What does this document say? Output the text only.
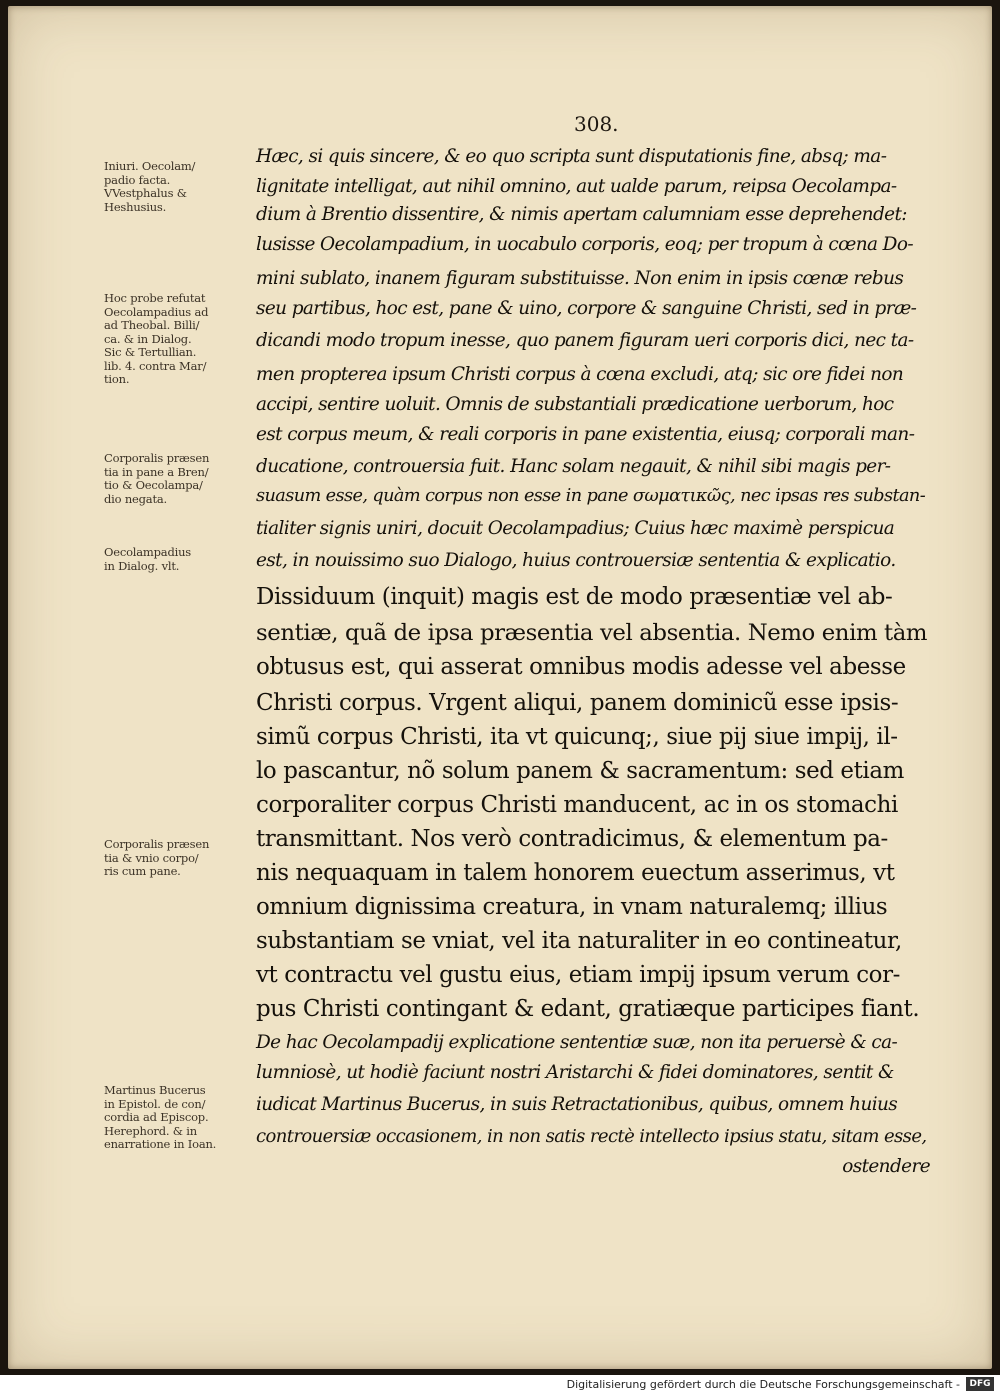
308.
Iniuri. Oecolam/
padio facta.
VVestphalus &
Heshusius.
Hoc probe refutat
Oecolampadius ad
ad Theobal. Billi/
ca. & in Dialog.
Sic & Tertullian.
lib. 4. contra Mar/
tion.
Corporalis præsen
tia in pane a Bren/
tio & Oecolampa/
dio negata.
Oecolampadius
in Dialog. vlt.
Corporalis præsen
tia & vnio corpo/
ris cum pane.
Martinus Bucerus
in Epistol. de con/
cordia ad Episcop.
Herephord. & in
enarratione in Ioan.
Hæc, si quis sincere, & eo quo scripta sunt disputationis fine, absq; ma-
lignitate intelligat, aut nihil omnino, aut ualde parum, reipsa Oecolampa-
dium à Brentio dissentire, & nimis apertam calumniam esse deprehendet:
lusisse Oecolampadium, in uocabulo corporis, eoq; per tropum à cœna Do-
mini sublato, inanem figuram substituisse. Non enim in ipsis cœnæ rebus
seu partibus, hoc est, pane & uino, corpore & sanguine Christi, sed in præ-
dicandi modo tropum inesse, quo panem figuram ueri corporis dici, nec ta-
men propterea ipsum Christi corpus à cœna excludi, atq; sic ore fidei non
accipi, sentire uoluit. Omnis de substantiali prædicatione uerborum, hoc
est corpus meum, & reali corporis in pane existentia, eiusq; corporali man-
ducatione, controuersia fuit. Hanc solam negauit, & nihil sibi magis per-
suasum esse, quàm corpus non esse in pane σωματικῶς, nec ipsas res substan-
tialiter signis uniri, docuit Oecolampadius; Cuius hæc maximè perspicua
est, in nouissimo suo Dialogo, huius controuersiæ sententia & explicatio.
Dissiduum (inquit) magis est de modo præsentiæ vel ab-
sentiæ, quã de ipsa præsentia vel absentia. Nemo enim tàm
obtusus est, qui asserat omnibus modis adesse vel abesse
Christi corpus. Vrgent aliqui, panem dominicũ esse ipsis-
simũ corpus Christi, ita vt quicunq;, siue pij siue impij, il-
lo pascantur, nõ solum panem & sacramentum: sed etiam
corporaliter corpus Christi manducent, ac in os stomachi
transmittant. Nos verò contradicimus, & elementum pa-
nis nequaquam in talem honorem euectum asserimus, vt
omnium dignissima creatura, in vnam naturalemq; illius
substantiam se vniat, vel ita naturaliter in eo contineatur,
vt contractu vel gustu eius, etiam impij ipsum verum cor-
pus Christi contingant & edant, gratiæque participes fiant.
De hac Oecolampadij explicatione sententiæ suæ, non ita peruersè & ca-
lumniosè, ut hodiè faciunt nostri Aristarchi & fidei dominatores, sentit &
iudicat Martinus Bucerus, in suis Retractationibus, quibus, omnem huius
controuersiæ occasionem, in non satis rectè intellecto ipsius statu, sitam esse,
ostendere
Digitalisierung gefördert durch die Deutsche Forschungsgemeinschaft -	DFG
